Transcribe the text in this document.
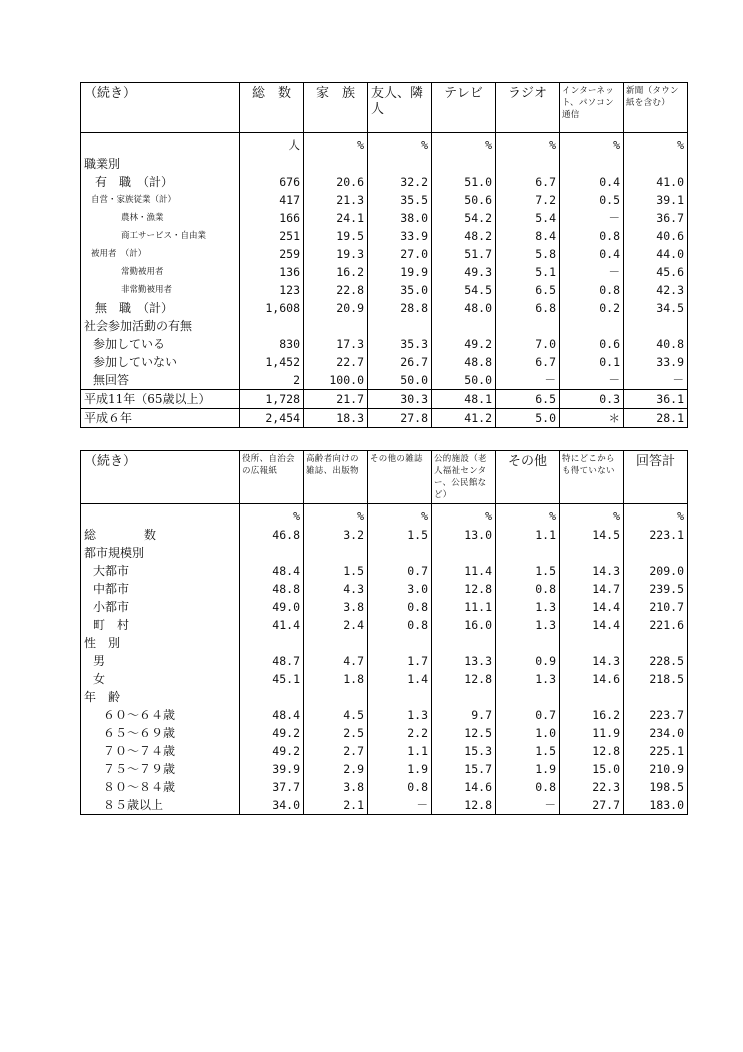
（続き）	総　数	家　族	友人、隣人	テレビ	ラジオ	インターネット、パソコン通信	新聞（タウン紙を含む）
	人	%	%	%	%	%	%
職業別							
有　職　（計）	676	20.6	32.2	51.0	6.7	0.4	41.0
自営・家族従業（計）	417	21.3	35.5	50.6	7.2	0.5	39.1
農林・漁業	166	24.1	38.0	54.2	5.4	－	36.7
商工サービス・自由業	251	19.5	33.9	48.2	8.4	0.8	40.6
被用者　（計）	259	19.3	27.0	51.7	5.8	0.4	44.0
常勤被用者	136	16.2	19.9	49.3	5.1	－	45.6
非常勤被用者	123	22.8	35.0	54.5	6.5	0.8	42.3
無　職　（計）	1,608	20.9	28.8	48.0	6.8	0.2	34.5
社会参加活動の有無							
参加している	830	17.3	35.3	49.2	7.0	0.6	40.8
参加していない	1,452	22.7	26.7	48.8	6.7	0.1	33.9
無回答	2	100.0	50.0	50.0	－	－	－
平成11年（65歳以上）	1,728	21.7	30.3	48.1	6.5	0.3	36.1
平成６年	2,454	18.3	27.8	41.2	5.0	＊	28.1
（続き）	役所、自治会の広報紙	高齢者向けの雑誌、出版物	その他の雑誌	公的施設（老人福祉センター、公民館など）	その他	特にどこからも得ていない	回答計
	%	%	%	%	%	%	%
総　　　　数	46.8	3.2	1.5	13.0	1.1	14.5	223.1
都市規模別							
大都市	48.4	1.5	0.7	11.4	1.5	14.3	209.0
中都市	48.8	4.3	3.0	12.8	0.8	14.7	239.5
小都市	49.0	3.8	0.8	11.1	1.3	14.4	210.7
町　村	41.4	2.4	0.8	16.0	1.3	14.4	221.6
性　別							
男	48.7	4.7	1.7	13.3	0.9	14.3	228.5
女	45.1	1.8	1.4	12.8	1.3	14.6	218.5
年　齢							
６０～６４歳	48.4	4.5	1.3	9.7	0.7	16.2	223.7
６５～６９歳	49.2	2.5	2.2	12.5	1.0	11.9	234.0
７０～７４歳	49.2	2.7	1.1	15.3	1.5	12.8	225.1
７５～７９歳	39.9	2.9	1.9	15.7	1.9	15.0	210.9
８０～８４歳	37.7	3.8	0.8	14.6	0.8	22.3	198.5
８５歳以上	34.0	2.1	－	12.8	－	27.7	183.0
